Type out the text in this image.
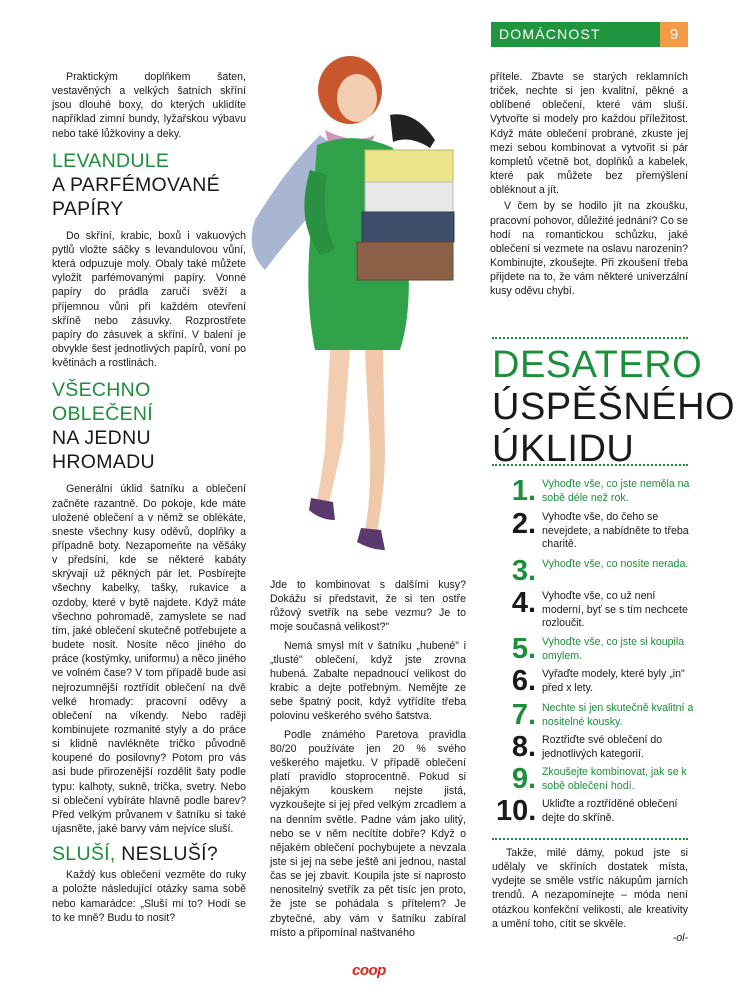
DOMÁCNOST	9

Praktickým doplňkem šaten, vestavěných a velkých šatních skříní jsou dlouhé boxy, do kterých uklidíte například zimní bundy, lyžařskou výbavu nebo také lůžkoviny a deky.

LEVANDULE
A PARFÉMOVANÉ
PAPÍRY

Do skříní, krabic, boxů i vakuových pytlů vložte sáčky s levandulovou vůní, která odpuzuje moly. Obaly také můžete vyložit parfémovanými papíry. Vonné papíry do prádla zaručí svěží a příjemnou vůni při každém otevření skříně nebo zásuvky. Rozprostřete papíry do zásuvek a skříní. V balení je obvykle šest jednotlivých papírů, voní po květinách a rostlinách.

VŠECHNO OBLEČENÍ
NA JEDNU
HROMADU

Generální úklid šatníku a oblečení začněte razantně. Do pokoje, kde máte uložené oblečení a v němž se oblékáte, sneste všechny kusy oděvů, doplňky a případně boty. Nezapomeňte na věšáky v předsíni, kde se některé kabáty skrývají už pěkných pár let. Posbírejte všechny kabelky, tašky, rukavice a ozdoby, které v bytě najdete. Když máte všechno pohromadě, zamyslete se nad tím, jaké oblečení skutečně potřebujete a budete nosit. Nosíte něco jiného do práce (kostýmky, uniformu) a něco jiného ve volném čase? V tom případě bude asi nejrozumnější roztřídit oblečení na dvě velké hromady: pracovní oděvy a oblečení na víkendy. Nebo raději kombinujete rozmanité styly a do práce si klidně navlékněte tričko původně koupené do posilovny? Potom pro vás asi bude přirozenější rozdělit šaty podle typu: kalhoty, sukně, trička, svetry. Nebo si oblečení vybíráte hlavně podle barev? Před velkým průvanem v šatníku si také ujasněte, jaké barvy vám nejvíce sluší.

SLUŠÍ, NESLUŠÍ?

Každý kus oblečení vezměte do ruky a položte následující otázky sama sobě nebo kamarádce: „Sluší mi to? Hodí se to ke mně? Budu to nosit?

Jde to kombinovat s dalšími kusy? Dokážu si představit, že si ten ostře růžový svetřík na sebe vezmu? Je to moje současná velikost?"

Nemá smysl mít v šatníku „hubené" i „tlusté" oblečení, když jste zrovna hubená. Zabalte nepadnoucí velikost do krabic a dejte potřebným. Nemějte ze sebe špatný pocit, když vytřídíte třeba polovinu veškerého svého šatstva.

Podle známého Paretova pravidla 80/20 používáte jen 20 % svého veškerého majetku. V případě oblečení platí pravidlo stoprocentně. Pokud si nějakým kouskem nejste jistá, vyzkoušejte si jej před velkým zrcadlem a na denním světle. Padne vám jako ulitý, nebo se v něm necítíte dobře? Když o nějakém oblečení pochybujete a nevzala jste si jej na sebe ještě ani jednou, nastal čas se jej zbavit. Koupila jste si naprosto nenositelný svetřík za pět tisíc jen proto, že jste se pohádala s přítelem? Je zbytečné, aby vám v šatníku zabíral místo a připomínal naštvaného

přítele. Zbavte se starých reklamních triček, nechte si jen kvalitní, pěkné a oblíbené oblečení, které vám sluší. Vytvořte si modely pro každou příležitost. Když máte oblečení probrané, zkuste jej mezi sebou kombinovat a vytvořit si pár kompletů včetně bot, doplňků a kabelek, které pak můžete bez přemýšlení obléknout a jít.

V čem by se hodilo jít na zkoušku, pracovní pohovor, důležité jednání? Co se hodí na romantickou schůzku, jaké oblečení si vezmete na oslavu narozenin? Kombinujte, zkoušejte. Při zkoušení třeba přijdete na to, že vám některé univerzální kusy oděvu chybí.

DESATERO
ÚSPĚŠNÉHO
ÚKLIDU
1. Vyhoďte vše, co jste neměla na sobě déle než rok.
2. Vyhoďte vše, do čeho se nevejdete, a nabídněte to třeba charitě.
3. Vyhoďte vše, co nosíte nerada.
4. Vyhoďte vše, co už není moderní, byť se s tím nechcete rozloučit.
5. Vyhoďte vše, co jste si koupila omylem.
6. Vyřaďte modely, které byly „in" před x lety.
7. Nechte si jen skutečně kvalitní a nositelné kousky.
8. Roztřiďte své oblečení do jednotlivých kategorií.
9. Zkoušejte kombinovat, jak se k sobě oblečení hodí.
10. Ukliďte a roztříděné oblečení dejte do skříně.

Takže, milé dámy, pokud jste si udělaly ve skříních dostatek místa, vydejte se směle vstříc nákupům jarních trendů. A nezapomínejte – móda není otázkou konfekční velikosti, ale kreativity a umění toho, cítit se skvěle.

-ol-
coop
